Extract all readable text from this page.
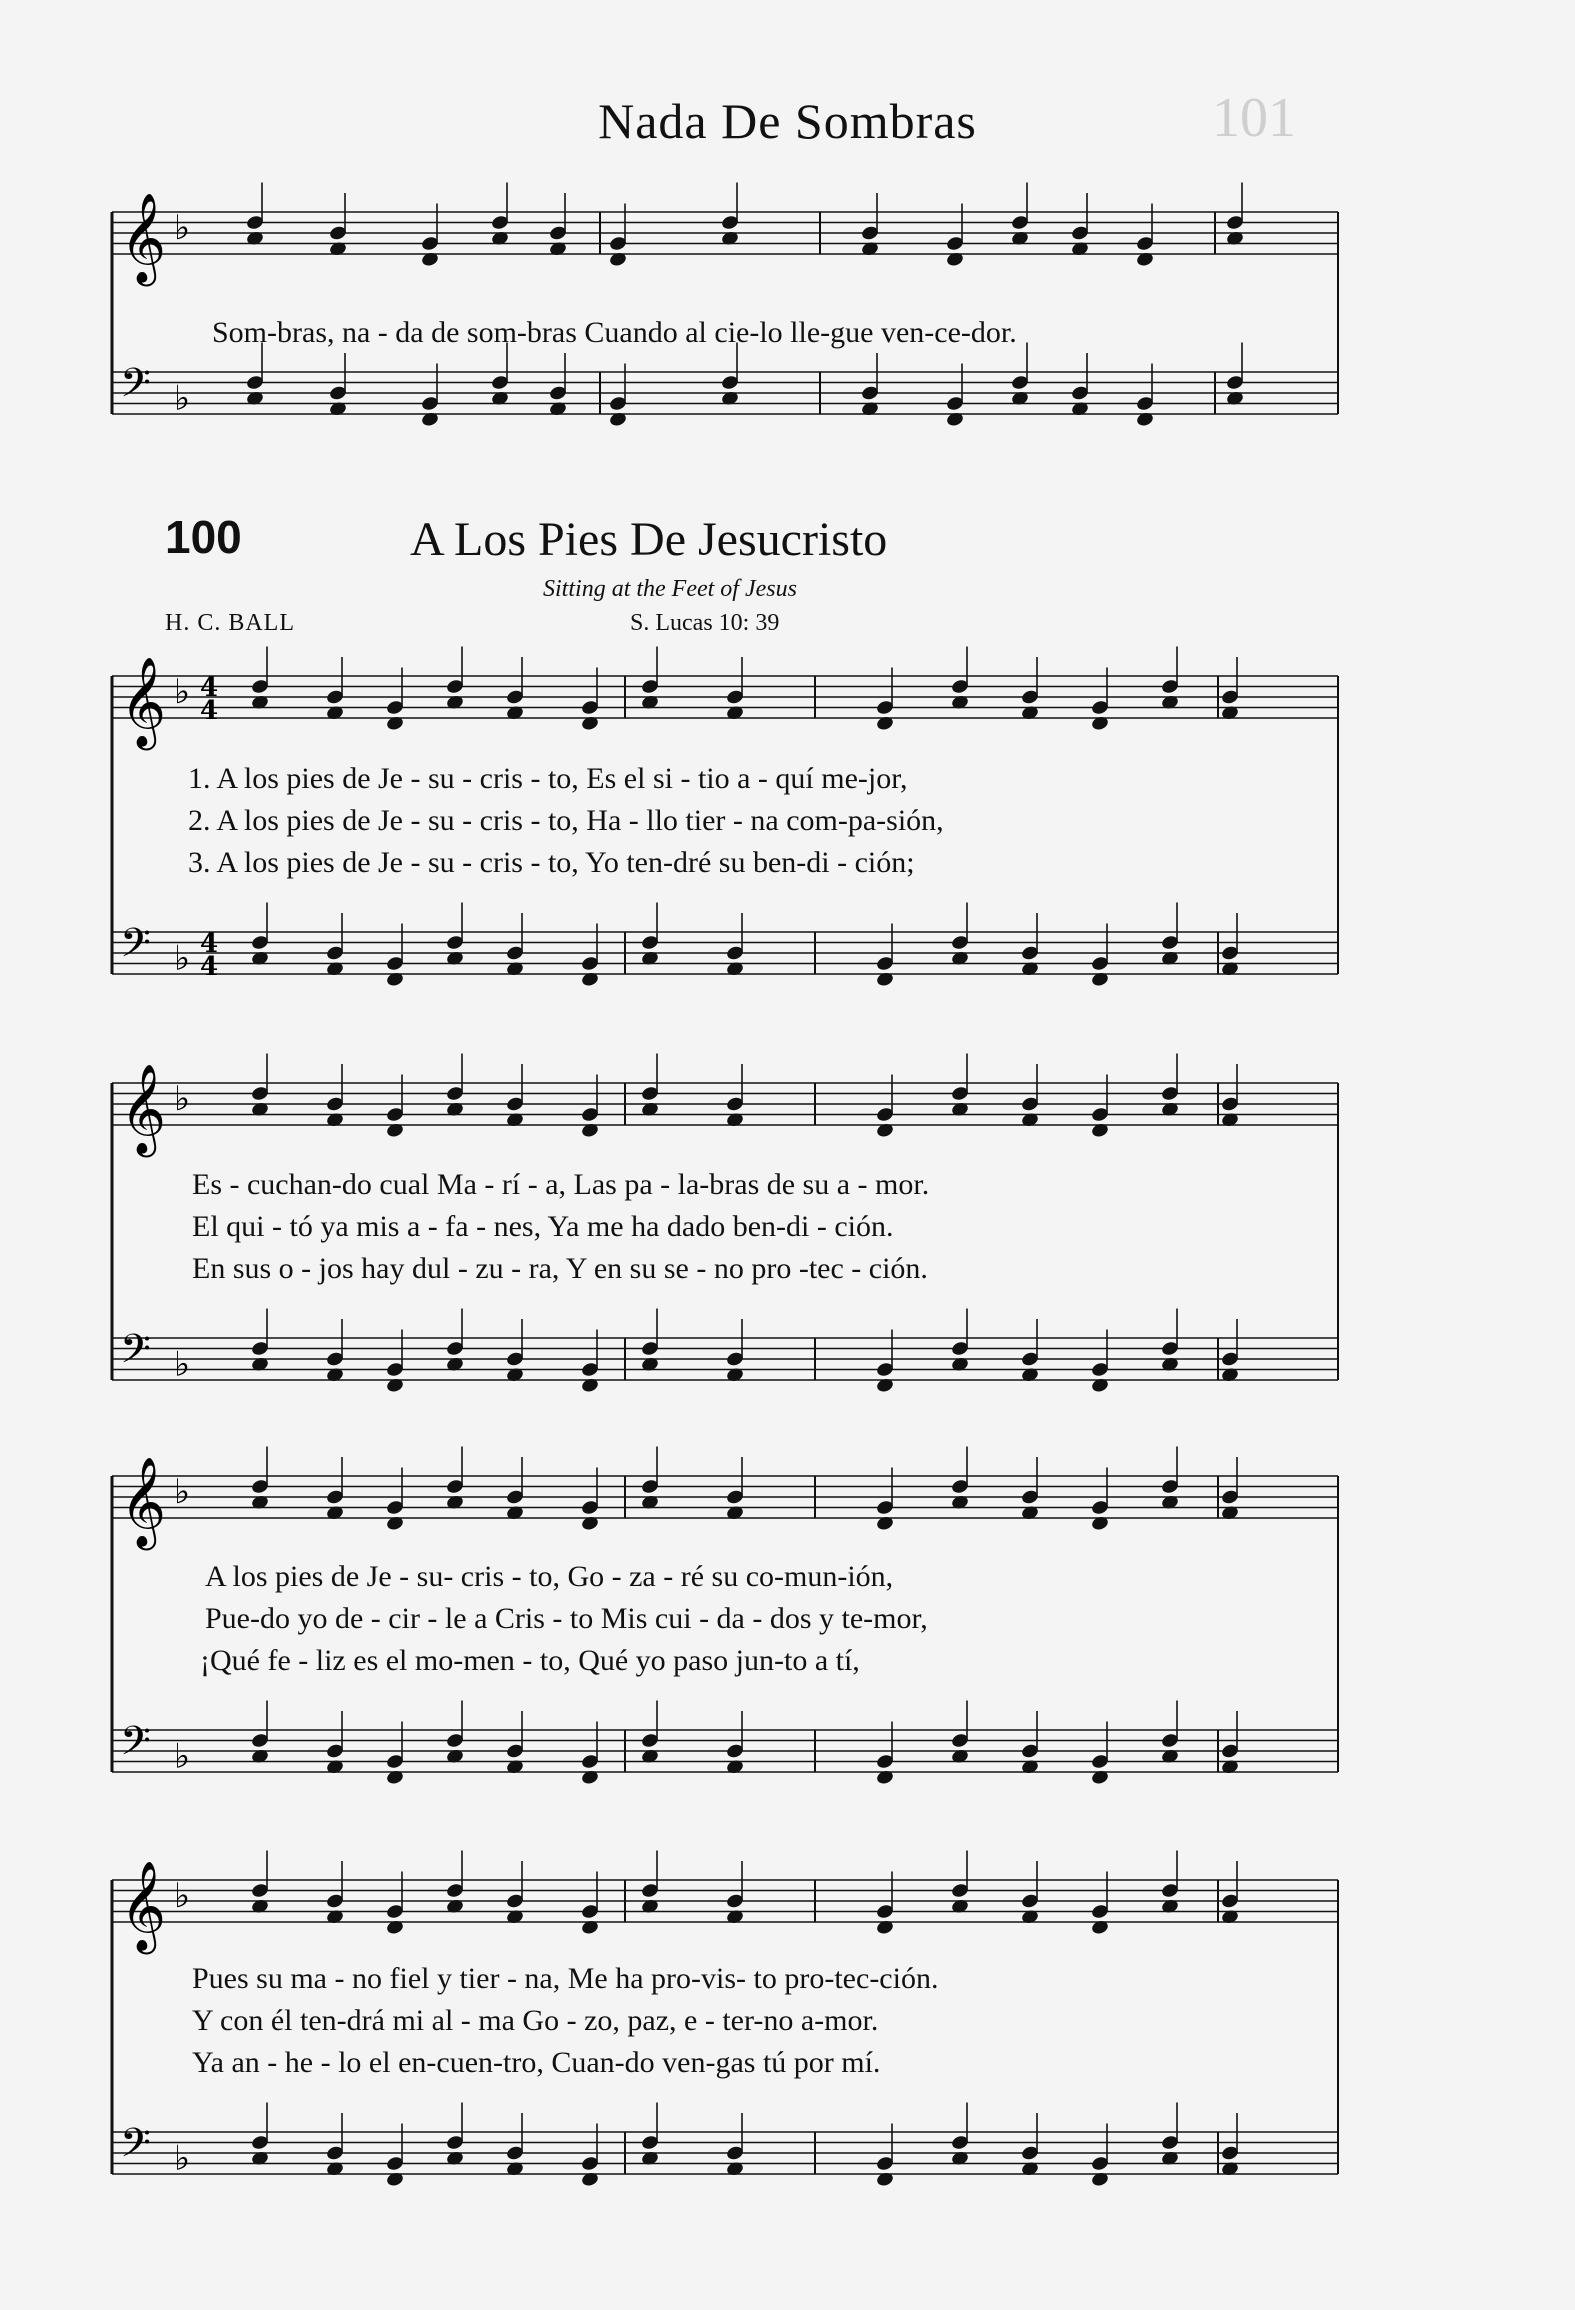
101
Nada De Sombras
Som-bras, na - da de som-bras Cuando al cie-lo lle-gue ven-ce-dor.
100	A Los Pies De Jesucristo
Sitting at the Feet of Jesus
H. C. BALL	S. Lucas 10: 39
1. A los pies de Je - su - cris - to, Es el si - tio a - quí me-jor,
2. A los pies de Je - su - cris - to, Ha - llo tier - na com-pa-sión,
3. A los pies de Je - su - cris - to, Yo ten-dré su ben-di - ción;
Es - cuchan-do cual Ma - rí - a, Las pa - la-bras de su a - mor.
El qui - tó ya mis a - fa - nes, Ya me ha dado ben-di - ción.
En sus o - jos hay dul - zu - ra, Y en su se - no pro -tec - ción.
A los pies de Je - su- cris - to, Go - za - ré su co-mun-ión,
Pue-do yo de - cir - le a Cris - to Mis cui - da - dos y te-mor,
¡Qué fe - liz es el mo-men - to, Qué yo paso jun-to a tí,
Pues su ma - no fiel y tier - na, Me ha pro-vis- to pro-tec-ción.
Y con él ten-drá mi al - ma Go - zo, paz, e - ter-no a-mor.
Ya an - he - lo el en-cuen-tro, Cuan-do ven-gas tú por mí.
𝄞 ♭
𝄢 ♭
𝄞 ♭ 4
4
𝄢 ♭ 4
4
𝄞 ♭
𝄢 ♭
𝄞 ♭
𝄢 ♭
𝄞 ♭
𝄢 ♭
